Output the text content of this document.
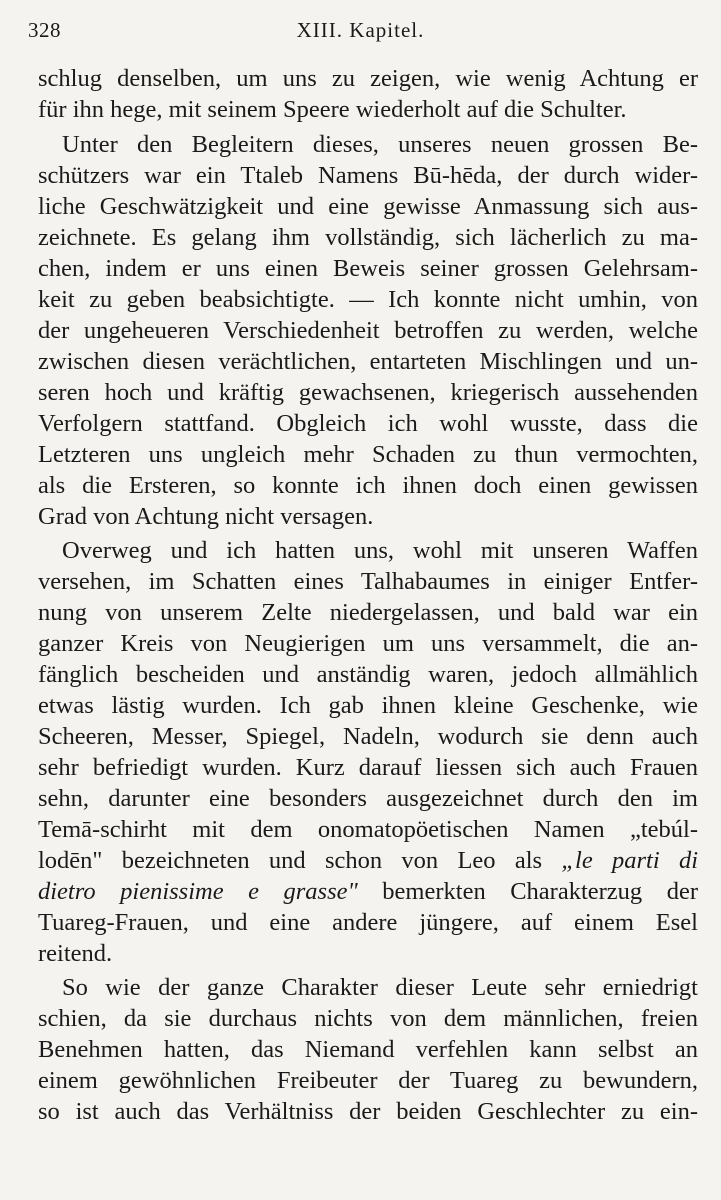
328	XIII. Kapitel.
schlug denselben, um uns zu zeigen, wie wenig Achtung er
für ihn hege, mit seinem Speere wiederholt auf die Schulter.
Unter den Begleitern dieses, unseres neuen grossen Be-
schützers war ein Ttaleb Namens Bū-hēda, der durch wider-
liche Geschwätzigkeit und eine gewisse Anmassung sich aus-
zeichnete. Es gelang ihm vollständig, sich lächerlich zu ma-
chen, indem er uns einen Beweis seiner grossen Gelehrsam-
keit zu geben beabsichtigte. — Ich konnte nicht umhin, von
der ungeheueren Verschiedenheit betroffen zu werden, welche
zwischen diesen verächtlichen, entarteten Mischlingen und un-
seren hoch und kräftig gewachsenen, kriegerisch aussehenden
Verfolgern stattfand. Obgleich ich wohl wusste, dass die
Letzteren uns ungleich mehr Schaden zu thun vermochten,
als die Ersteren, so konnte ich ihnen doch einen gewissen
Grad von Achtung nicht versagen.
Overweg und ich hatten uns, wohl mit unseren Waffen
versehen, im Schatten eines Talhabaumes in einiger Entfer-
nung von unserem Zelte niedergelassen, und bald war ein
ganzer Kreis von Neugierigen um uns versammelt, die an-
fänglich bescheiden und anständig waren, jedoch allmählich
etwas lästig wurden. Ich gab ihnen kleine Geschenke, wie
Scheeren, Messer, Spiegel, Nadeln, wodurch sie denn auch
sehr befriedigt wurden. Kurz darauf liessen sich auch Frauen
sehn, darunter eine besonders ausgezeichnet durch den im
Temā-schirht mit dem onomatopöetischen Namen „tebúl-
lodēn" bezeichneten und schon von Leo als „le parti di
dietro pienissime e grasse" bemerkten Charakterzug der
Tuareg-Frauen, und eine andere jüngere, auf einem Esel
reitend.
So wie der ganze Charakter dieser Leute sehr erniedrigt
schien, da sie durchaus nichts von dem männlichen, freien
Benehmen hatten, das Niemand verfehlen kann selbst an
einem gewöhnlichen Freibeuter der Tuareg zu bewundern,
so ist auch das Verhältniss der beiden Geschlechter zu ein-
